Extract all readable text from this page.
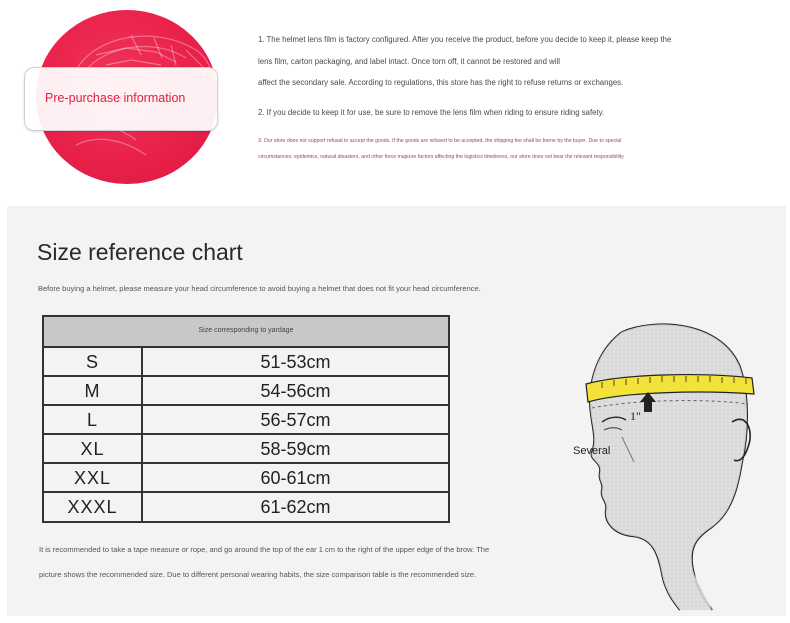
Pre-purchase information
1. The helmet lens film is factory configured. After you receive the product, before you decide to keep it, please keep the
lens film, carton packaging, and label intact. Once torn off, it cannot be restored and will
affect the secondary sale. According to regulations, this store has the right to refuse returns or exchanges.
2. If you decide to keep it for use, be sure to remove the lens film when riding to ensure riding safety.
3. Our store does not support refusal to accept the goods. If the goods are refused to be accepted, the shipping fee shall be borne by the buyer. Due to special
circumstances: epidemics, natural disasters, and other force majeure factors affecting the logistics timeliness, our store does not bear the relevant responsibility
Size reference chart
Before buying a helmet, please measure your head circumference to avoid buying a helmet that does not fit your head circumference.
Size corresponding to yardage
S	51-53cm
M	54-56cm
L	56-57cm
XL	58-59cm
XXL	60-61cm
XXXL	61-62cm
It is recommended to take a tape measure or rope, and go around the top of the ear 1 cm to the right of the upper edge of the brow. The
picture shows the recommended size. Due to different personal wearing habits, the size comparison table is the recommended size.
1"
Several
